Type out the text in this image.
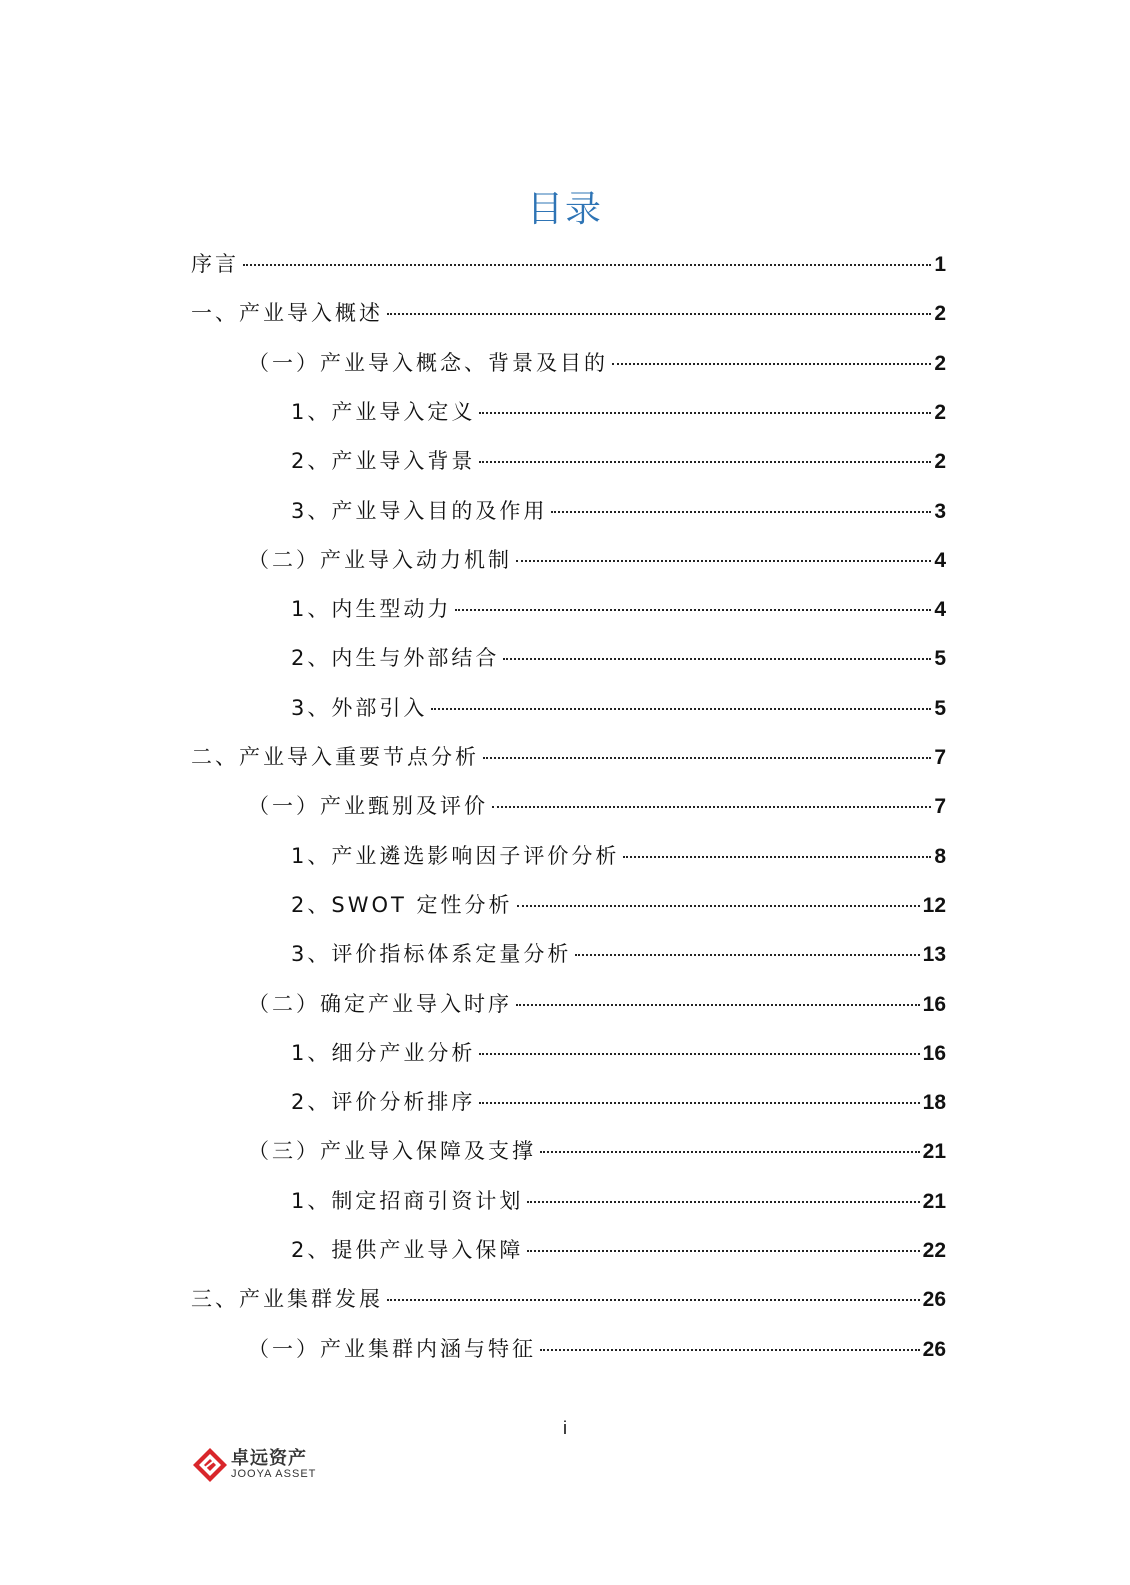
目录
序言	1
一、产业导入概述	2
（一）产业导入概念、背景及目的	2
1、产业导入定义	2
2、产业导入背景	2
3、产业导入目的及作用	3
（二）产业导入动力机制	4
1、内生型动力	4
2、内生与外部结合	5
3、外部引入	5
二、产业导入重要节点分析	7
（一）产业甄别及评价	7
1、产业遴选影响因子评价分析	8
2、SWOT 定性分析	12
3、评价指标体系定量分析	13
（二）确定产业导入时序	16
1、细分产业分析	16
2、评价分析排序	18
（三）产业导入保障及支撑	21
1、制定招商引资计划	21
2、提供产业导入保障	22
三、产业集群发展	26
（一）产业集群内涵与特征	26
i
卓远资产
JOOYA ASSET
